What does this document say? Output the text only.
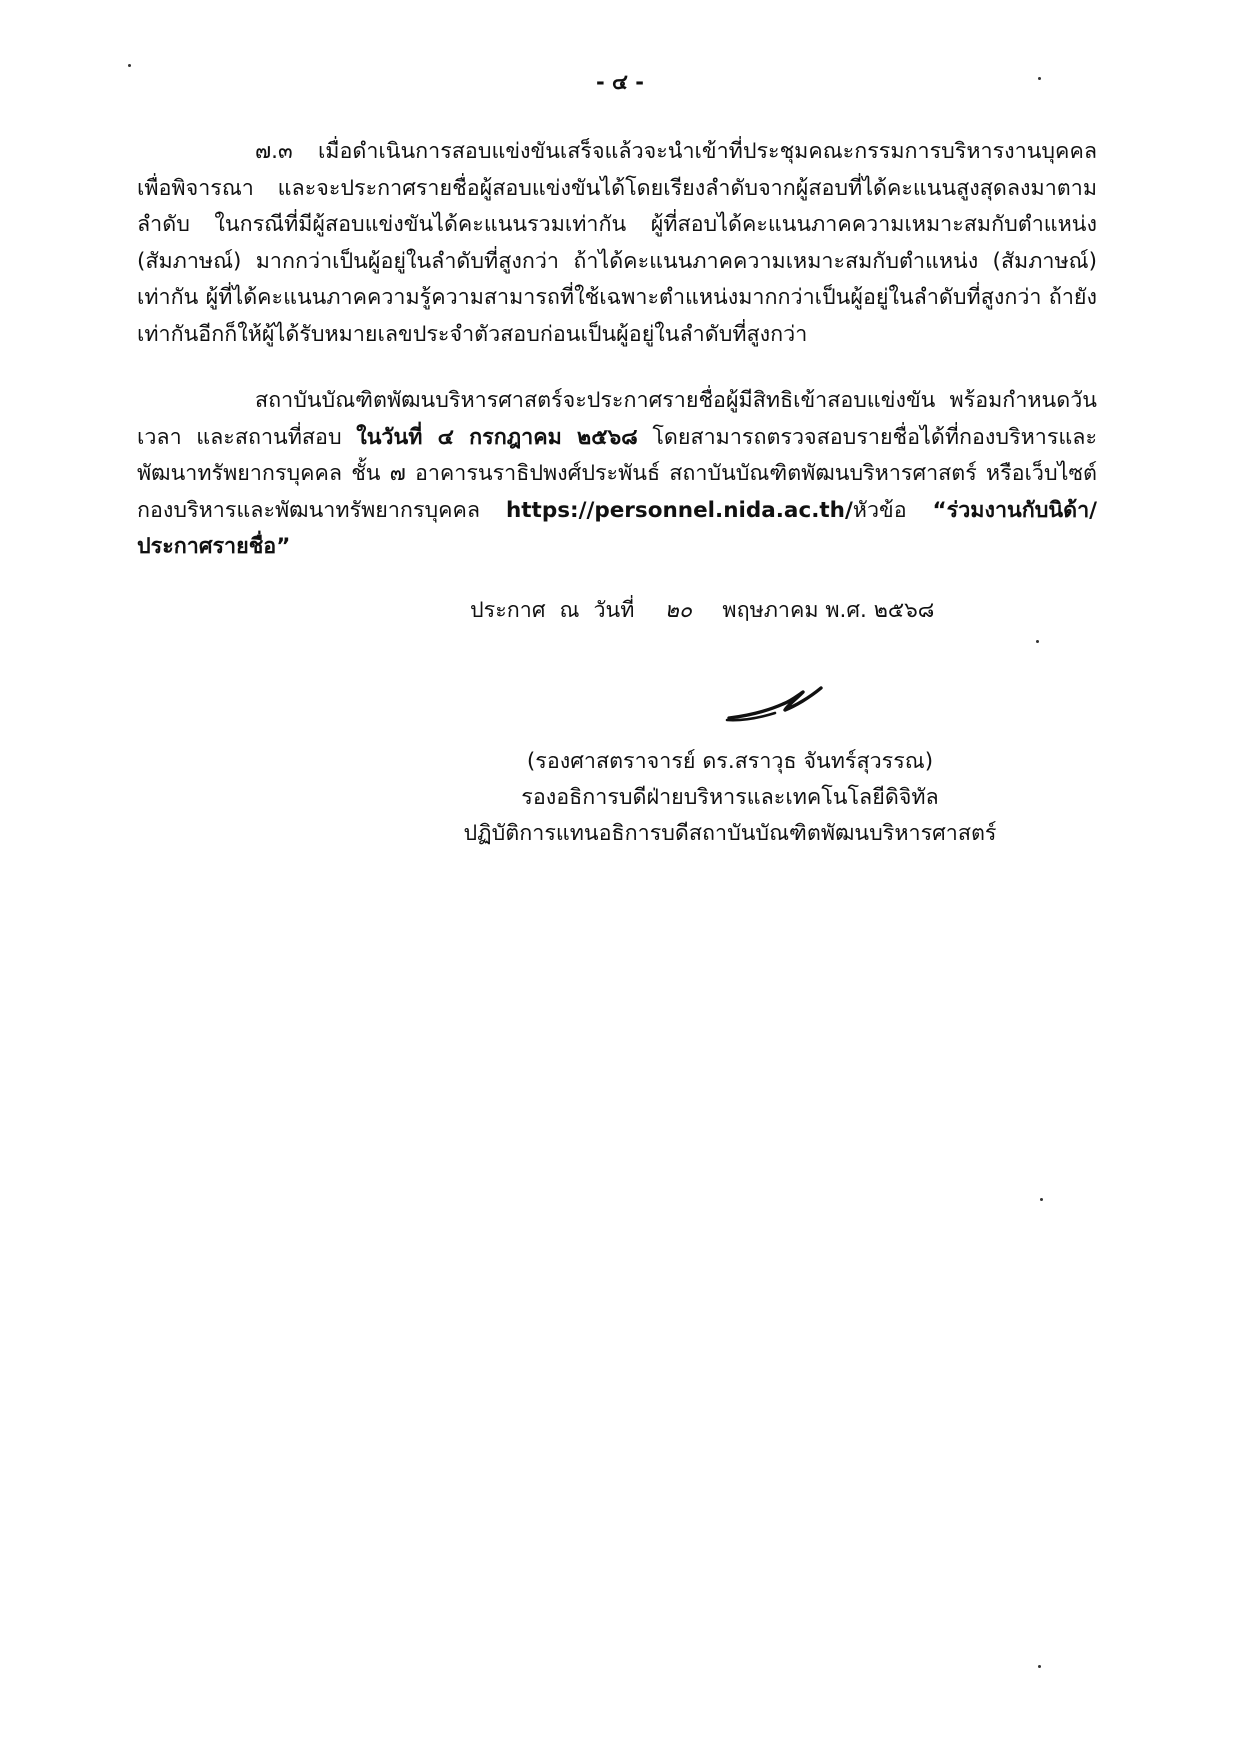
- ๔ -

๗.๓ เมื่อดำเนินการสอบแข่งขันเสร็จแล้วจะนำเข้าที่ประชุมคณะกรรมการบริหารงานบุคคลเพื่อพิจารณา และจะประกาศรายชื่อผู้สอบแข่งขันได้โดยเรียงลำดับจากผู้สอบที่ได้คะแนนสูงสุดลงมาตามลำดับ ในกรณีที่มีผู้สอบแข่งขันได้คะแนนรวมเท่ากัน ผู้ที่สอบได้คะแนนภาคความเหมาะสมกับตำแหน่ง (สัมภาษณ์) มากกว่าเป็นผู้อยู่ในลำดับที่สูงกว่า ถ้าได้คะแนนภาคความเหมาะสมกับตำแหน่ง (สัมภาษณ์) เท่ากัน ผู้ที่ได้คะแนนภาคความรู้ความสามารถที่ใช้เฉพาะตำแหน่งมากกว่าเป็นผู้อยู่ในลำดับที่สูงกว่า ถ้ายังเท่ากันอีกก็ให้ผู้ได้รับหมายเลขประจำตัวสอบก่อนเป็นผู้อยู่ในลำดับที่สูงกว่า

สถาบันบัณฑิตพัฒนบริหารศาสตร์จะประกาศรายชื่อผู้มีสิทธิเข้าสอบแข่งขัน พร้อมกำหนดวัน เวลา และสถานที่สอบ ในวันที่ ๔ กรกฎาคม ๒๕๖๘ โดยสามารถตรวจสอบรายชื่อได้ที่กองบริหารและพัฒนาทรัพยากรบุคคล ชั้น ๗ อาคารนราธิปพงศ์ประพันธ์ สถาบันบัณฑิตพัฒนบริหารศาสตร์ หรือเว็บไซต์กองบริหารและพัฒนาทรัพยากรบุคคล https://personnel.nida.ac.th/หัวข้อ “ร่วมงานกับนิด้า/ประกาศรายชื่อ”

ประกาศ ณ วันที่ ๒๐ พฤษภาคม พ.ศ. ๒๕๖๘
(รองศาสตราจารย์ ดร.สราวุธ จันทร์สุวรรณ)
รองอธิการบดีฝ่ายบริหารและเทคโนโลยีดิจิทัล
ปฏิบัติการแทนอธิการบดีสถาบันบัณฑิตพัฒนบริหารศาสตร์
